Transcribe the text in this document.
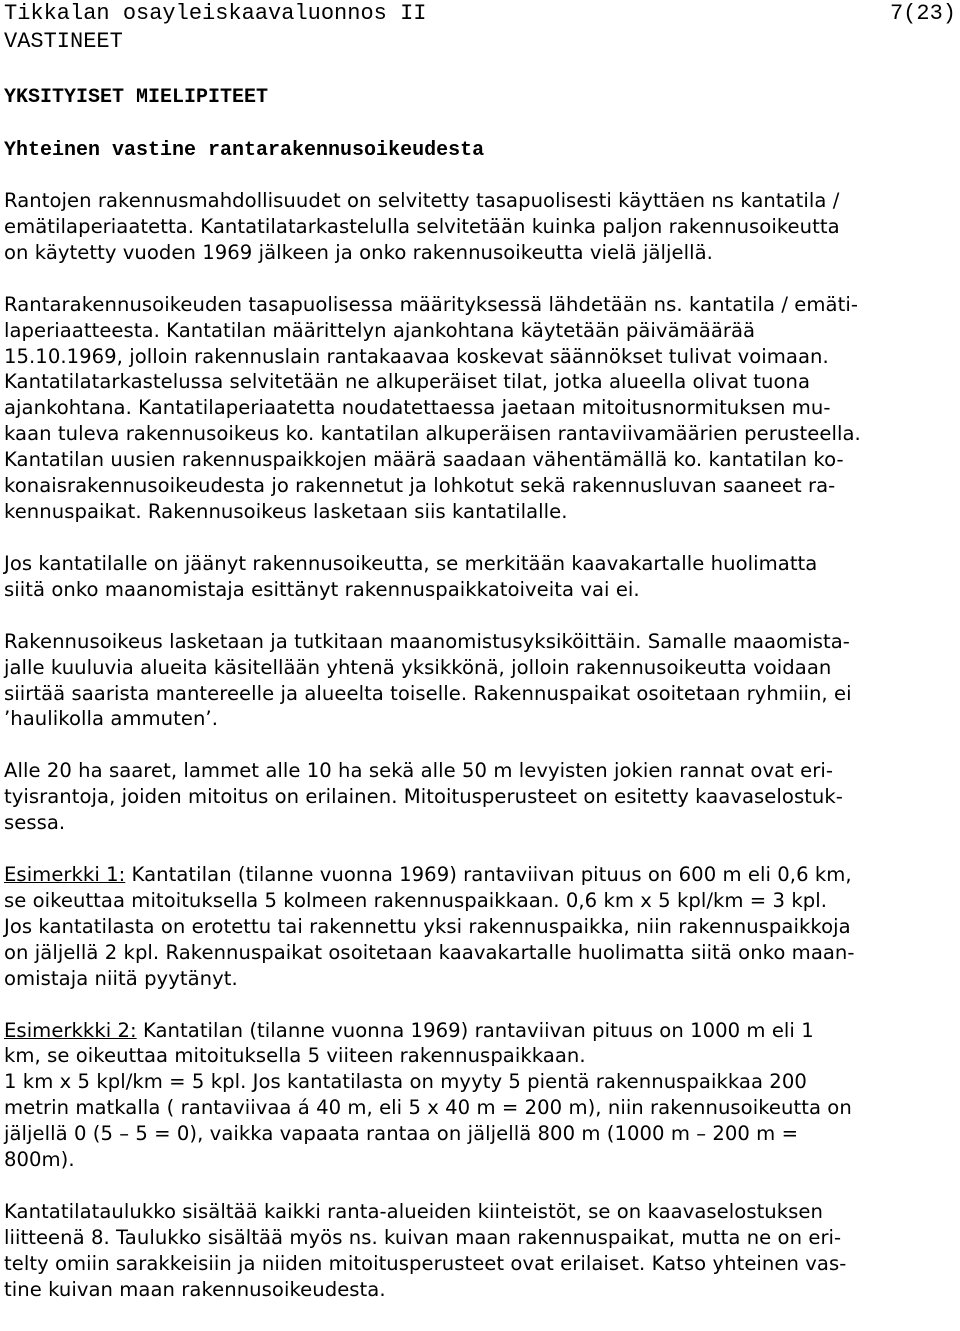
Tikkalan osayleiskaavaluonnos II	7(23)
VASTINEET
YKSITYISET MIELIPITEET
Yhteinen vastine rantarakennusoikeudesta

Rantojen rakennusmahdollisuudet on selvitetty tasapuolisesti käyttäen ns kantatila /
emätilaperiaatetta. Kantatilatarkastelulla selvitetään kuinka paljon rakennusoikeutta
on käytetty vuoden 1969 jälkeen ja onko rakennusoikeutta vielä jäljellä.

Rantarakennusoikeuden tasapuolisessa määrityksessä lähdetään ns. kantatila / emäti-
laperiaatteesta. Kantatilan määrittelyn ajankohtana käytetään päivämäärää
15.10.1969, jolloin rakennuslain rantakaavaa koskevat säännökset tulivat voimaan.
Kantatilatarkastelussa selvitetään ne alkuperäiset tilat, jotka alueella olivat tuona
ajankohtana. Kantatilaperiaatetta noudatettaessa jaetaan mitoitusnormituksen mu-
kaan tuleva rakennusoikeus ko. kantatilan alkuperäisen rantaviivamäärien perusteella.
Kantatilan uusien rakennuspaikkojen määrä saadaan vähentämällä ko. kantatilan ko-
konaisrakennusoikeudesta jo rakennetut ja lohkotut sekä rakennusluvan saaneet ra-
kennuspaikat. Rakennusoikeus lasketaan siis kantatilalle.

Jos kantatilalle on jäänyt rakennusoikeutta, se merkitään kaavakartalle huolimatta
siitä onko maanomistaja esittänyt rakennuspaikkatoiveita vai ei.

Rakennusoikeus lasketaan ja tutkitaan maanomistusyksiköittäin. Samalle maaomista-
jalle kuuluvia alueita käsitellään yhtenä yksikkönä, jolloin rakennusoikeutta voidaan
siirtää saarista mantereelle ja alueelta toiselle. Rakennuspaikat osoitetaan ryhmiin, ei
’haulikolla ammuten’.

Alle 20 ha saaret, lammet alle 10 ha sekä alle 50 m levyisten jokien rannat ovat eri-
tyisrantoja, joiden mitoitus on erilainen. Mitoitusperusteet on esitetty kaavaselostuk-
sessa.

Esimerkki 1: Kantatilan (tilanne vuonna 1969) rantaviivan pituus on 600 m eli 0,6 km,
se oikeuttaa mitoituksella 5 kolmeen rakennuspaikkaan. 0,6 km x 5 kpl/km = 3 kpl.
Jos kantatilasta on erotettu tai rakennettu yksi rakennuspaikka, niin rakennuspaikkoja
on jäljellä 2 kpl. Rakennuspaikat osoitetaan kaavakartalle huolimatta siitä onko maan-
omistaja niitä pyytänyt.

Esimerkkki 2: Kantatilan (tilanne vuonna 1969) rantaviivan pituus on 1000 m eli 1
km, se oikeuttaa mitoituksella 5 viiteen rakennuspaikkaan.
1 km x 5 kpl/km = 5 kpl. Jos kantatilasta on myyty 5 pientä rakennuspaikkaa 200
metrin matkalla ( rantaviivaa á 40 m, eli 5 x 40 m = 200 m), niin rakennusoikeutta on
jäljellä 0 (5 – 5 = 0), vaikka vapaata rantaa on jäljellä 800 m (1000 m – 200 m =
800m).

Kantatilataulukko sisältää kaikki ranta-alueiden kiinteistöt, se on kaavaselostuksen
liitteenä 8. Taulukko sisältää myös ns. kuivan maan rakennuspaikat, mutta ne on eri-
telty omiin sarakkeisiin ja niiden mitoitusperusteet ovat erilaiset. Katso yhteinen vas-
tine kuivan maan rakennusoikeudesta.
